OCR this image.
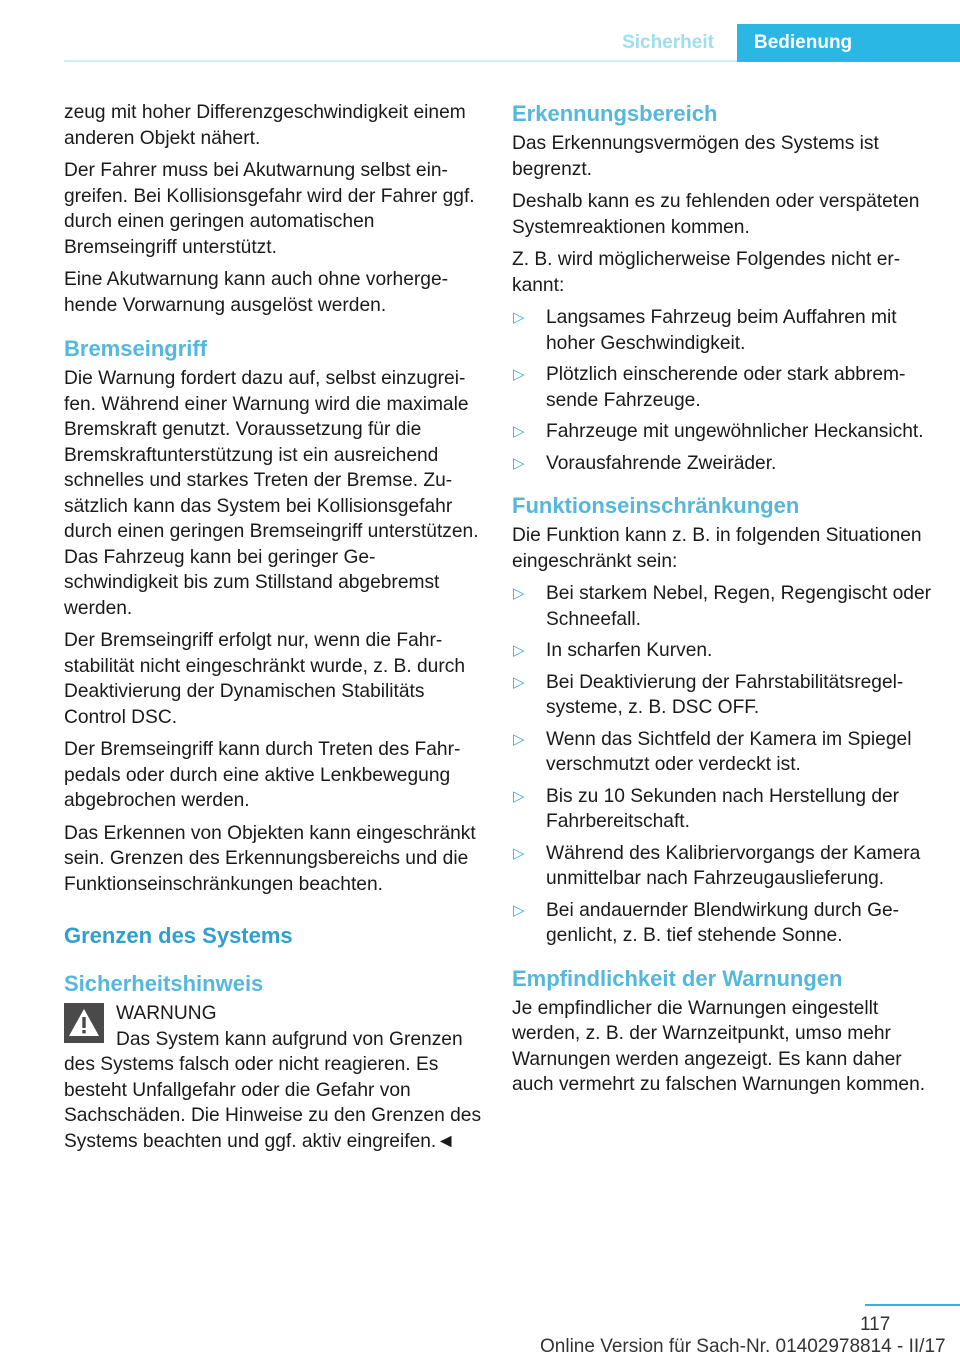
Sicherheit	Bedienung

zeug mit hoher Differenzgeschwindigkeit einem anderen Objekt nähert.

Der Fahrer muss bei Akutwarnung selbst eingreifen. Bei Kollisionsgefahr wird der Fahrer ggf. durch einen geringen automatischen Bremseingriff unterstützt.

Eine Akutwarnung kann auch ohne vorhergehende Vorwarnung ausgelöst werden.

Bremseingriff

Die Warnung fordert dazu auf, selbst einzugreifen. Während einer Warnung wird die maximale Bremskraft genutzt. Voraussetzung für die Bremskraftunterstützung ist ein ausreichend schnelles und starkes Treten der Bremse. Zusätzlich kann das System bei Kollisionsgefahr durch einen geringen Bremseingriff unterstützen. Das Fahrzeug kann bei geringer Geschwindigkeit bis zum Stillstand abgebremst werden.

Der Bremseingriff erfolgt nur, wenn die Fahrstabilität nicht eingeschränkt wurde, z. B. durch Deaktivierung der Dynamischen Stabilitäts Control DSC.

Der Bremseingriff kann durch Treten des Fahrpedals oder durch eine aktive Lenkbewegung abgebrochen werden.

Das Erkennen von Objekten kann eingeschränkt sein. Grenzen des Erkennungsbereichs und die Funktionseinschränkungen beachten.

Grenzen des Systems
Sicherheitshinweis

WARNUNG

Das System kann aufgrund von Grenzen

des Systems falsch oder nicht reagieren. Es besteht Unfallgefahr oder die Gefahr von Sachschäden. Die Hinweise zu den Grenzen des Systems beachten und ggf. aktiv eingreifen.◄

Erkennungsbereich

Das Erkennungsvermögen des Systems ist begrenzt.

Deshalb kann es zu fehlenden oder verspäteten Systemreaktionen kommen.

Z. B. wird möglicherweise Folgendes nicht erkannt:

▷ Langsames Fahrzeug beim Auffahren mit hoher Geschwindigkeit.
▷ Plötzlich einscherende oder stark abbremsende Fahrzeuge.
▷ Fahrzeuge mit ungewöhnlicher Heckansicht.
▷ Vorausfahrende Zweiräder.
Funktionseinschränkungen

Die Funktion kann z. B. in folgenden Situationen eingeschränkt sein:

▷ Bei starkem Nebel, Regen, Regengischt oder Schneefall.
▷ In scharfen Kurven.
▷ Bei Deaktivierung der Fahrstabilitätsregelsysteme, z. B. DSC OFF.
▷ Wenn das Sichtfeld der Kamera im Spiegel verschmutzt oder verdeckt ist.
▷ Bis zu 10 Sekunden nach Herstellung der Fahrbereitschaft.
▷ Während des Kalibriervorgangs der Kamera unmittelbar nach Fahrzeugauslieferung.
▷ Bei andauernder Blendwirkung durch Gegenlicht, z. B. tief stehende Sonne.
Empfindlichkeit der Warnungen

Je empfindlicher die Warnungen eingestellt werden, z. B. der Warnzeitpunkt, umso mehr Warnungen werden angezeigt. Es kann daher auch vermehrt zu falschen Warnungen kommen.

117
Online Version für Sach-Nr. 01402978814 - II/17
